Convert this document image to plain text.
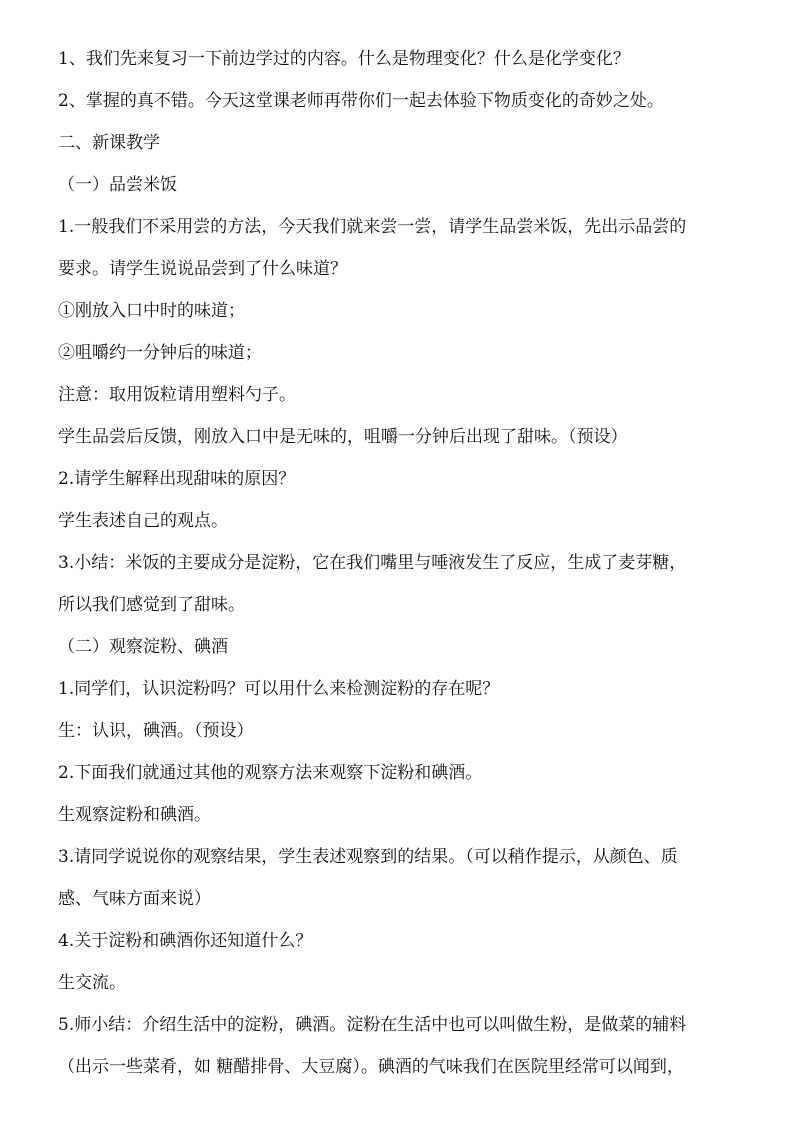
1、我们先来复习一下前边学过的内容。什么是物理变化？什么是化学变化？
2、掌握的真不错。今天这堂课老师再带你们一起去体验下物质变化的奇妙之处。
二、新课教学
（一）品尝米饭
1.一般我们不采用尝的方法，今天我们就来尝一尝，请学生品尝米饭，先出示品尝的
要求。请学生说说品尝到了什么味道？
①刚放入口中时的味道；
②咀嚼约一分钟后的味道；
注意：取用饭粒请用塑料勺子。
学生品尝后反馈，刚放入口中是无味的，咀嚼一分钟后出现了甜味。（预设）
2.请学生解释出现甜味的原因？
学生表述自己的观点。
3.小结：米饭的主要成分是淀粉，它在我们嘴里与唾液发生了反应，生成了麦芽糖，
所以我们感觉到了甜味。
（二）观察淀粉、碘酒
1.同学们，认识淀粉吗？可以用什么来检测淀粉的存在呢？
生：认识，碘酒。（预设）
2.下面我们就通过其他的观察方法来观察下淀粉和碘酒。
生观察淀粉和碘酒。
3.请同学说说你的观察结果，学生表述观察到的结果。（可以稍作提示，从颜色、质
感、气味方面来说）
4.关于淀粉和碘酒你还知道什么？
生交流。
5.师小结：介绍生活中的淀粉，碘酒。淀粉在生活中也可以叫做生粉，是做菜的辅料
（出示一些菜肴，如 糖醋排骨、大豆腐）。碘酒的气味我们在医院里经常可以闻到，
